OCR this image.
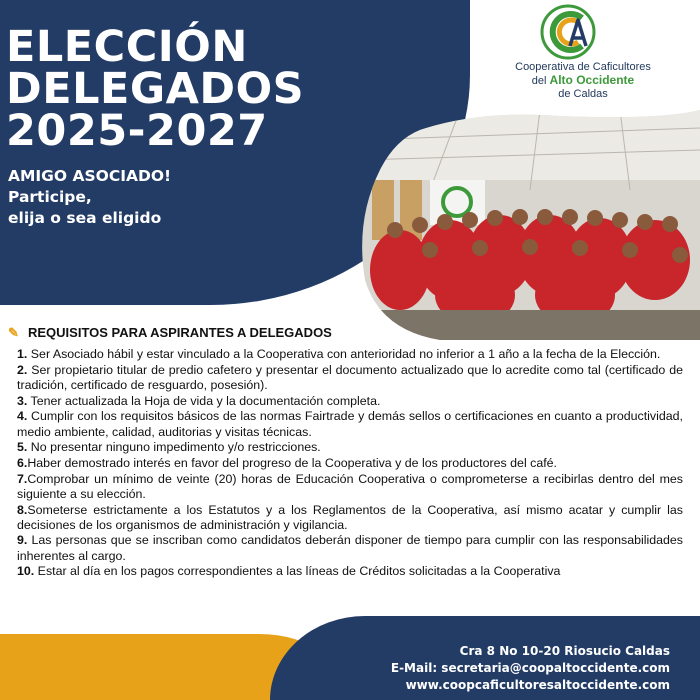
ELECCIÓN
DELEGADOS
2025-2027
AMIGO ASOCIADO!
Participe,
elija o sea eligido
Cooperativa de Caficultores
del Alto Occidente
de Caldas
✎ REQUISITOS PARA ASPIRANTES A DELEGADOS

1. Ser Asociado hábil y estar vinculado a la Cooperativa con anterioridad no inferior a 1 año a la fecha de la Elección.

2. Ser propietario titular de predio cafetero y presentar el documento actualizado que lo acredite como tal (certificado de tradición, certificado de resguardo, posesión).

3. Tener actualizada la Hoja de vida y la documentación completa.

4. Cumplir con los requisitos básicos de las normas Fairtrade y demás sellos o certificaciones en cuanto a productividad, medio ambiente, calidad, auditorias y visitas técnicas.

5. No presentar ninguno impedimento y/o restricciones.

6.Haber demostrado interés en favor del progreso de la Cooperativa y de los productores del café.

7.Comprobar un mínimo de veinte (20) horas de Educación Cooperativa o comprometerse a recibirlas dentro del mes siguiente a su elección.

8.Someterse estrictamente a los Estatutos y a los Reglamentos de la Cooperativa, así mismo acatar y cumplir las decisiones de los organismos de administración y vigilancia.

9. Las personas que se inscriban como candidatos deberán disponer de tiempo para cumplir con las responsabilidades inherentes al cargo.

10. Estar al día en los pagos correspondientes a las líneas de Créditos solicitadas a la Cooperativa

Cra 8 No 10-20 Riosucio Caldas
E-Mail: secretaria@coopaltoccidente.com
www.coopcaficultoresaltoccidente.com
